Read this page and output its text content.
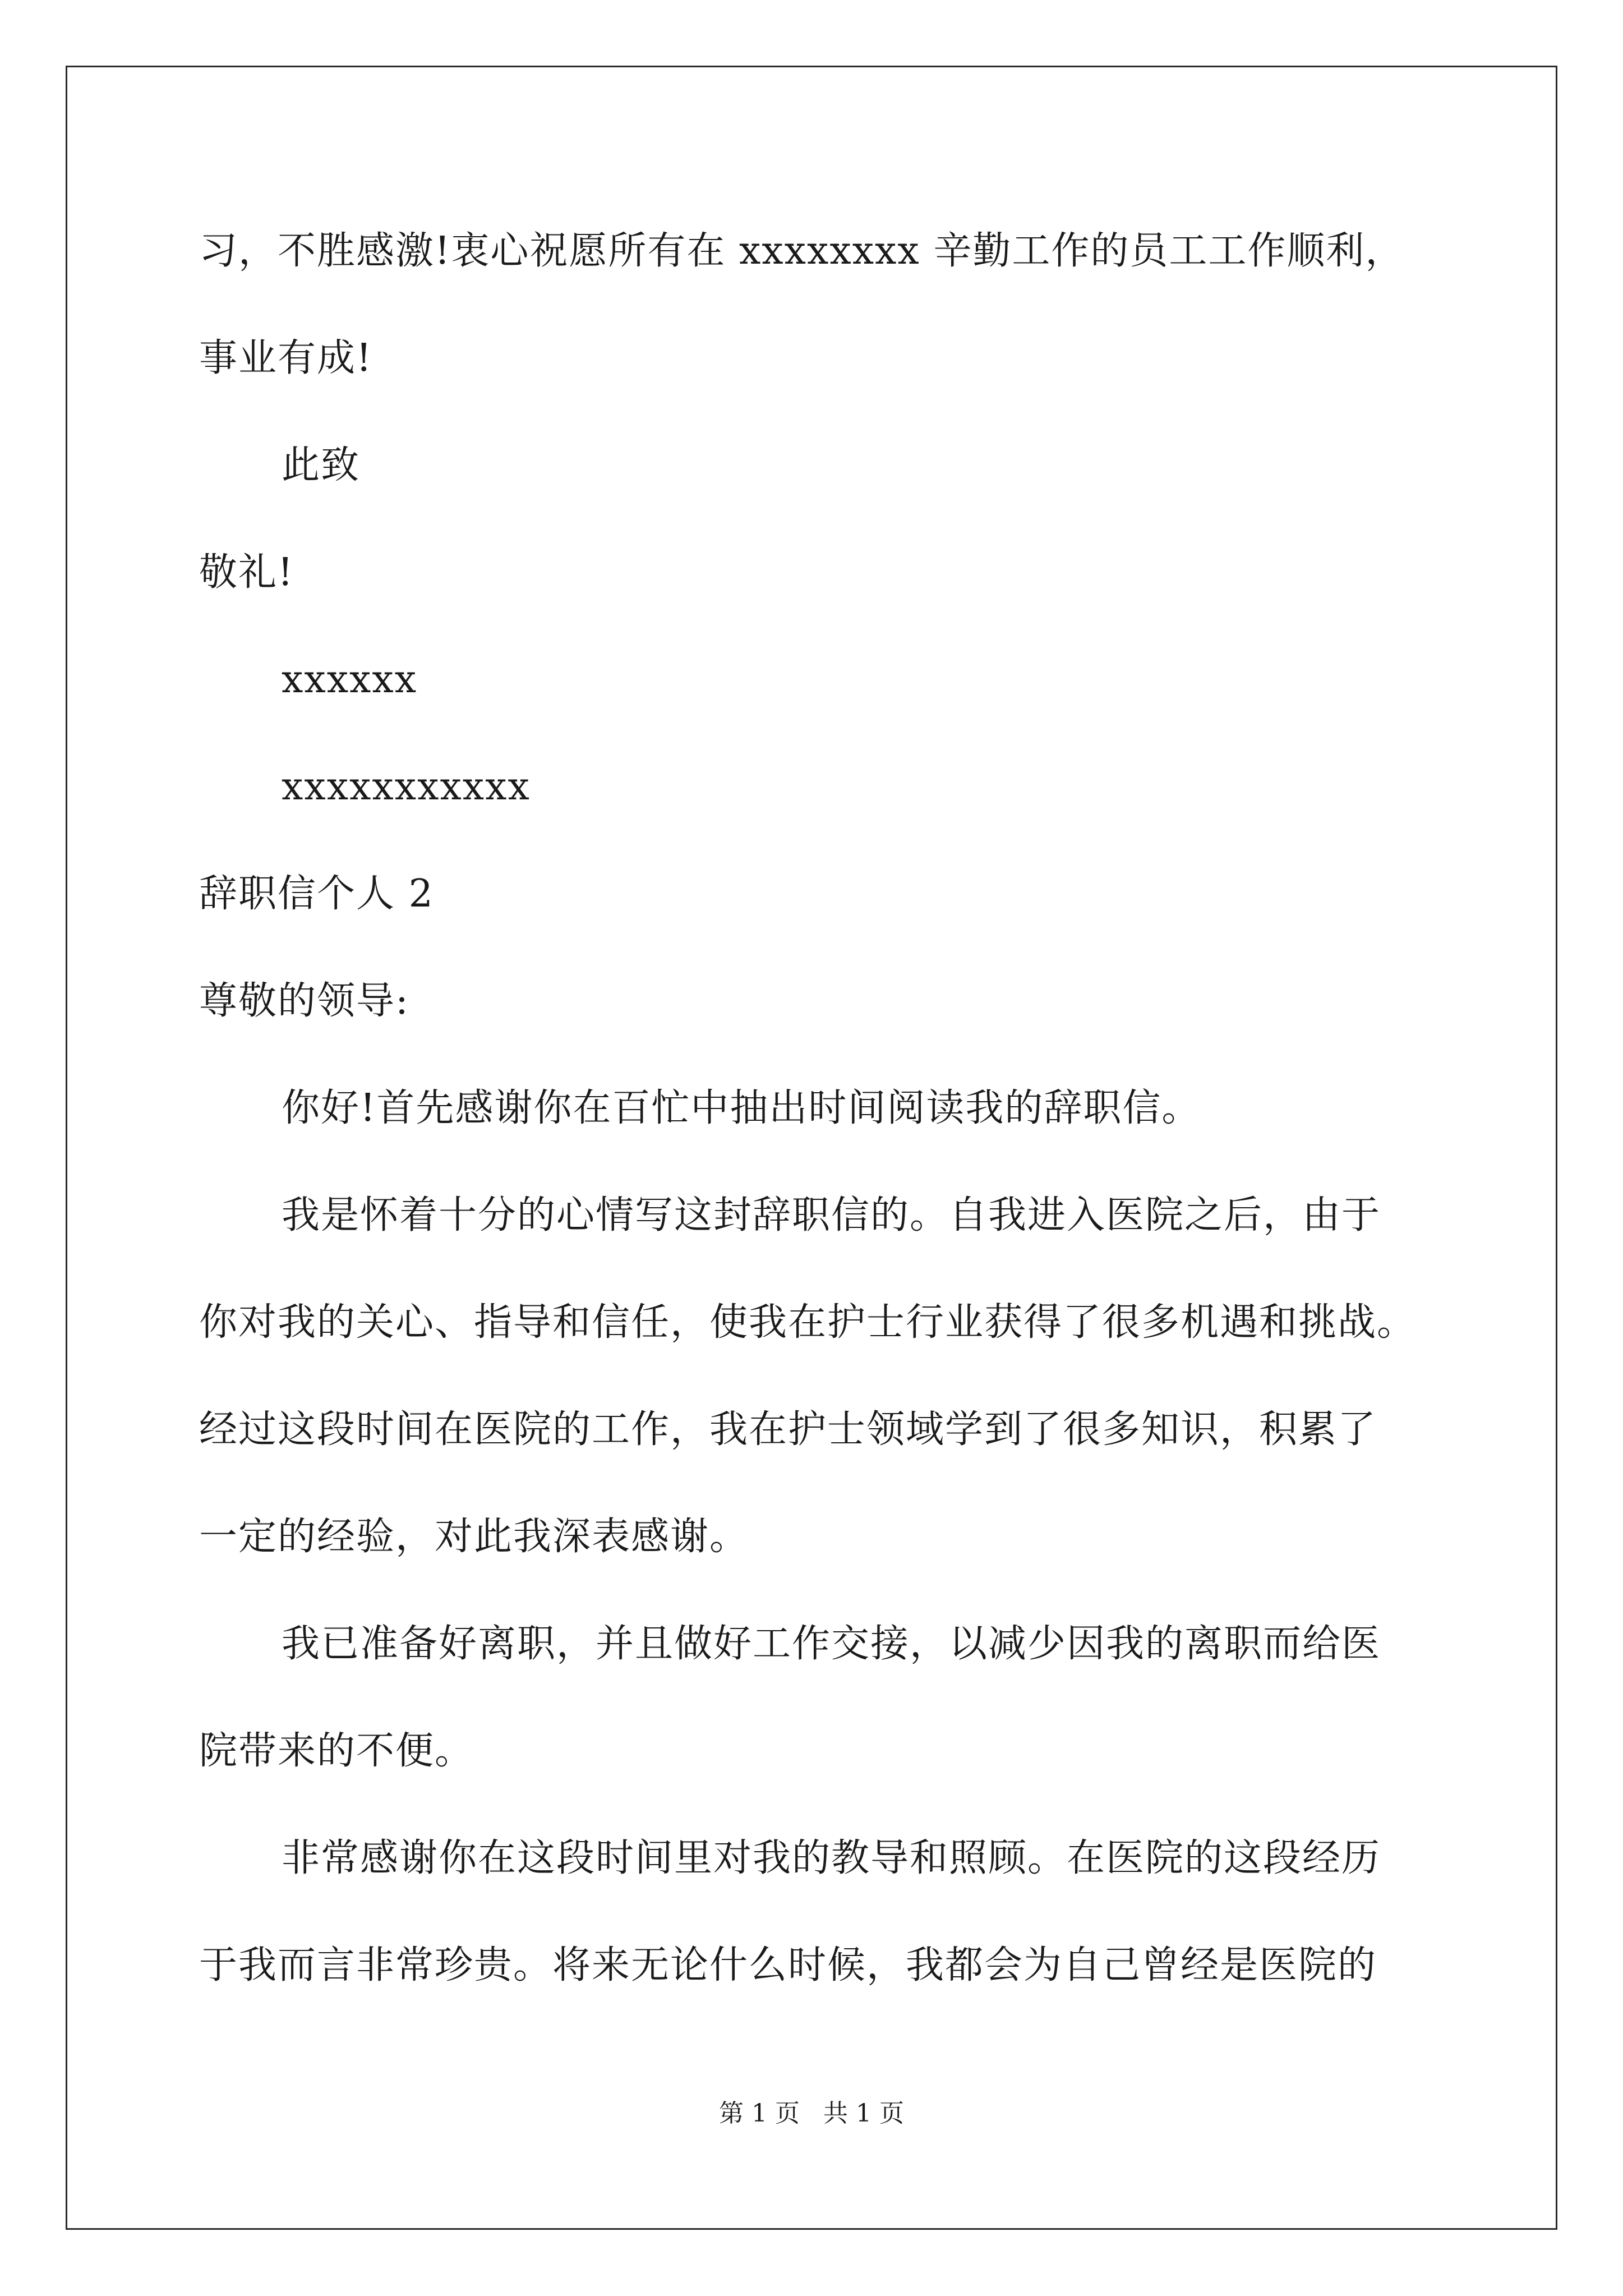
习，不胜感激!衷心祝愿所有在 xxxxxxxx 辛勤工作的员工工作顺利，
事业有成!
此致
敬礼!
xxxxxx
xxxxxxxxxxx
辞职信个人 2
尊敬的领导:
你好!首先感谢你在百忙中抽出时间阅读我的辞职信。
我是怀着十分的心情写这封辞职信的。自我进入医院之后，由于
你对我的关心、指导和信任，使我在护士行业获得了很多机遇和挑战。
经过这段时间在医院的工作，我在护士领域学到了很多知识，积累了
一定的经验，对此我深表感谢。
我已准备好离职，并且做好工作交接，以减少因我的离职而给医
院带来的不便。
非常感谢你在这段时间里对我的教导和照顾。在医院的这段经历
于我而言非常珍贵。将来无论什么时候，我都会为自己曾经是医院的
第 1 页   共 1 页
